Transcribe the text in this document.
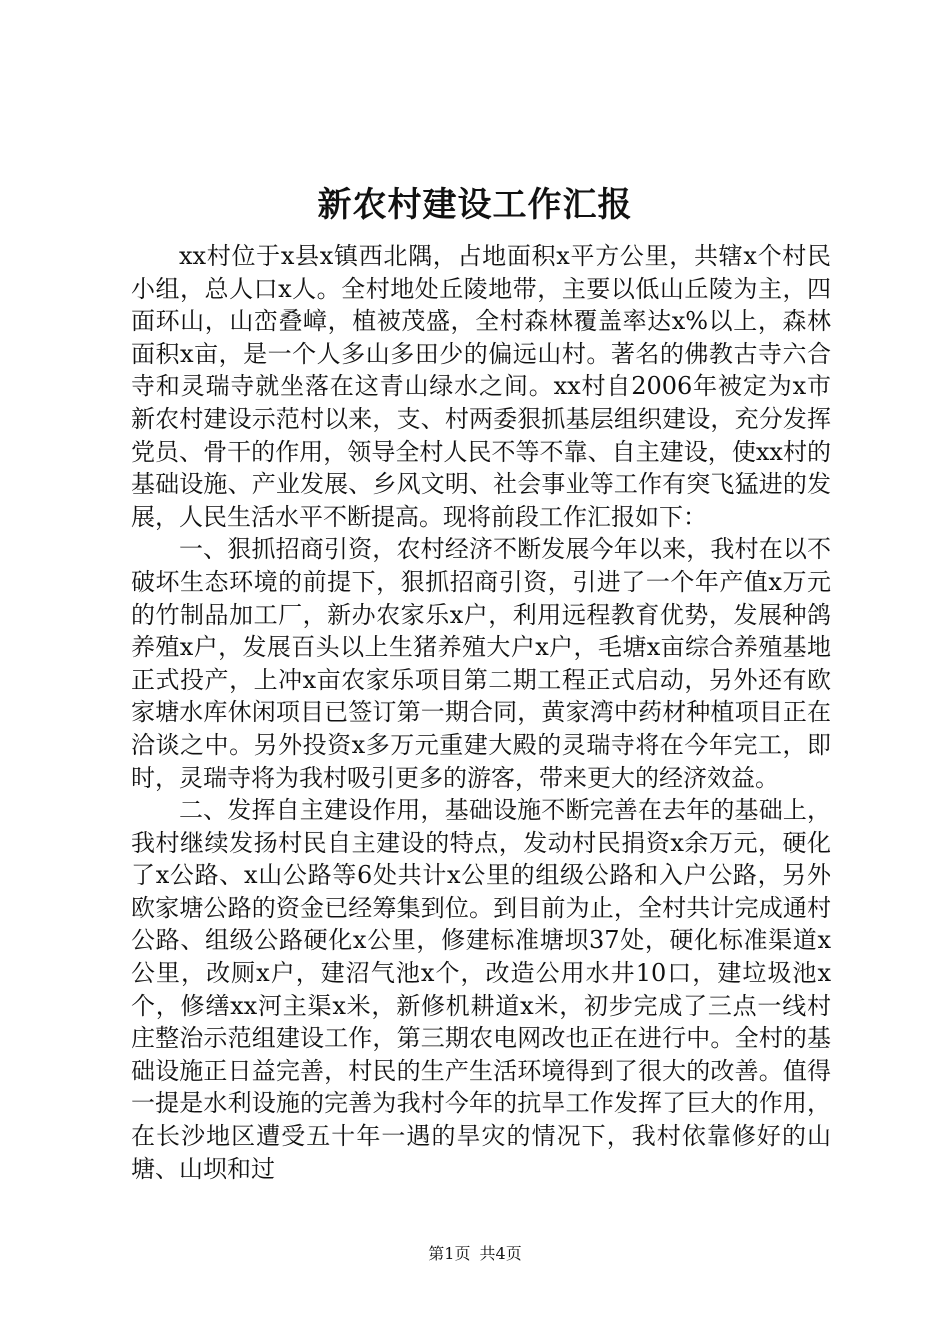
新农村建设工作汇报

xx村位于x县x镇西北隅，占地面积x平方公里，共辖x个村民小组，总人口x人。全村地处丘陵地带，主要以低山丘陵为主，四面环山，山峦叠嶂，植被茂盛，全村森林覆盖率达x%以上，森林面积x亩，是一个人多山多田少的偏远山村。著名的佛教古寺六合寺和灵瑞寺就坐落在这青山绿水之间。xx村自2006年被定为x市新农村建设示范村以来，支、村两委狠抓基层组织建设，充分发挥党员、骨干的作用，领导全村人民不等不靠、自主建设，使xx村的基础设施、产业发展、乡风文明、社会事业等工作有突飞猛进的发展，人民生活水平不断提高。现将前段工作汇报如下：

一、狠抓招商引资，农村经济不断发展今年以来，我村在以不破坏生态环境的前提下，狠抓招商引资，引进了一个年产值x万元的竹制品加工厂，新办农家乐x户，利用远程教育优势，发展种鸽养殖x户，发展百头以上生猪养殖大户x户，毛塘x亩综合养殖基地正式投产，上冲x亩农家乐项目第二期工程正式启动，另外还有欧家塘水库休闲项目已签订第一期合同，黄家湾中药材种植项目正在洽谈之中。另外投资x多万元重建大殿的灵瑞寺将在今年完工，即时，灵瑞寺将为我村吸引更多的游客，带来更大的经济效益。

二、发挥自主建设作用，基础设施不断完善在去年的基础上，我村继续发扬村民自主建设的特点，发动村民捐资x余万元，硬化了x公路、x山公路等6处共计x公里的组级公路和入户公路，另外欧家塘公路的资金已经筹集到位。到目前为止，全村共计完成通村公路、组级公路硬化x公里，修建标准塘坝37处，硬化标准渠道x公里，改厕x户，建沼气池x个，改造公用水井10口，建垃圾池x个，修缮xx河主渠x米，新修机耕道x米，初步完成了三点一线村庄整治示范组建设工作，第三期农电网改也正在进行中。全村的基础设施正日益完善，村民的生产生活环境得到了很大的改善。值得一提是水利设施的完善为我村今年的抗旱工作发挥了巨大的作用，在长沙地区遭受五十年一遇的旱灾的情况下，我村依靠修好的山塘、山坝和过

第1页 共4页
